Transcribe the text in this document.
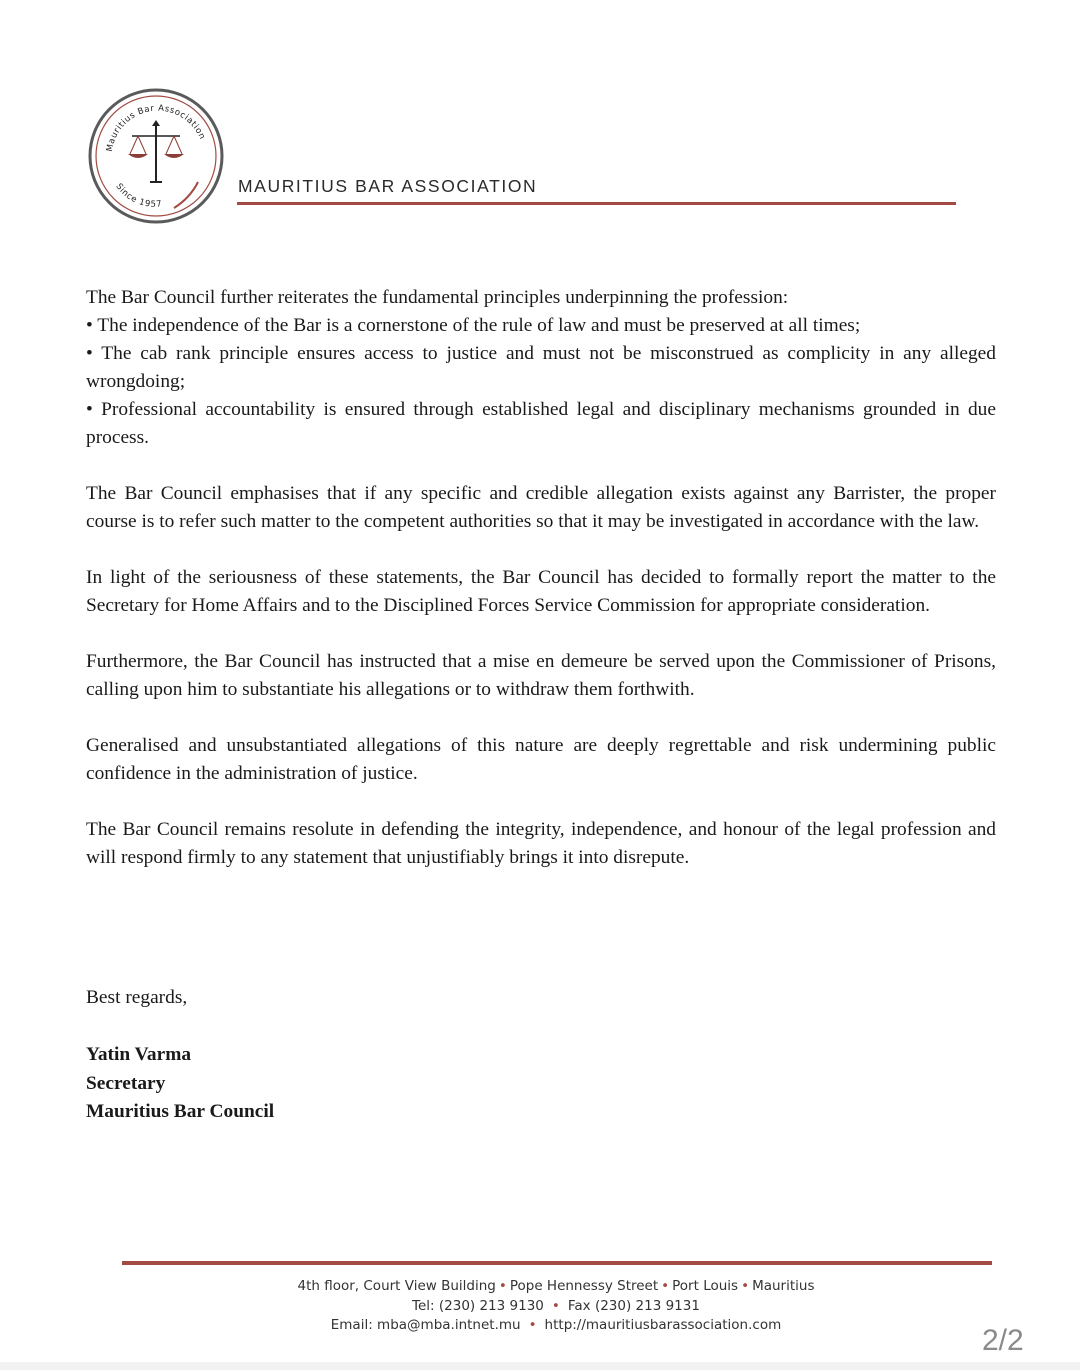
Mauritius Bar Association
Since 1957
MAURITIUS BAR ASSOCIATION

The Bar Council further reiterates the fundamental principles underpinning the profession:
• The independence of the Bar is a cornerstone of the rule of law and must be preserved at all times;
• The cab rank principle ensures access to justice and must not be misconstrued as complicity in any alleged wrongdoing;
• Professional accountability is ensured through established legal and disciplinary mechanisms grounded in due process.

The Bar Council emphasises that if any specific and credible allegation exists against any Barrister, the proper course is to refer such matter to the competent authorities so that it may be investigated in accordance with the law.

In light of the seriousness of these statements, the Bar Council has decided to formally report the matter to the Secretary for Home Affairs and to the Disciplined Forces Service Commission for appropriate consideration.

Furthermore, the Bar Council has instructed that a mise en demeure be served upon the Commissioner of Prisons, calling upon him to substantiate his allegations or to withdraw them forthwith.

Generalised and unsubstantiated allegations of this nature are deeply regrettable and risk undermining public confidence in the administration of justice.

The Bar Council remains resolute in defending the integrity, independence, and honour of the legal profession and will respond firmly to any statement that unjustifiably brings it into disrepute.

Best regards,
Yatin Varma
Secretary
Mauritius Bar Council
4th floor, Court View Building • Pope Hennessy Street • Port Louis • Mauritius
Tel: (230) 213 9130 • Fax (230) 213 9131
Email: mba@mba.intnet.mu • http://mauritiusbarassociation.com	2/2
